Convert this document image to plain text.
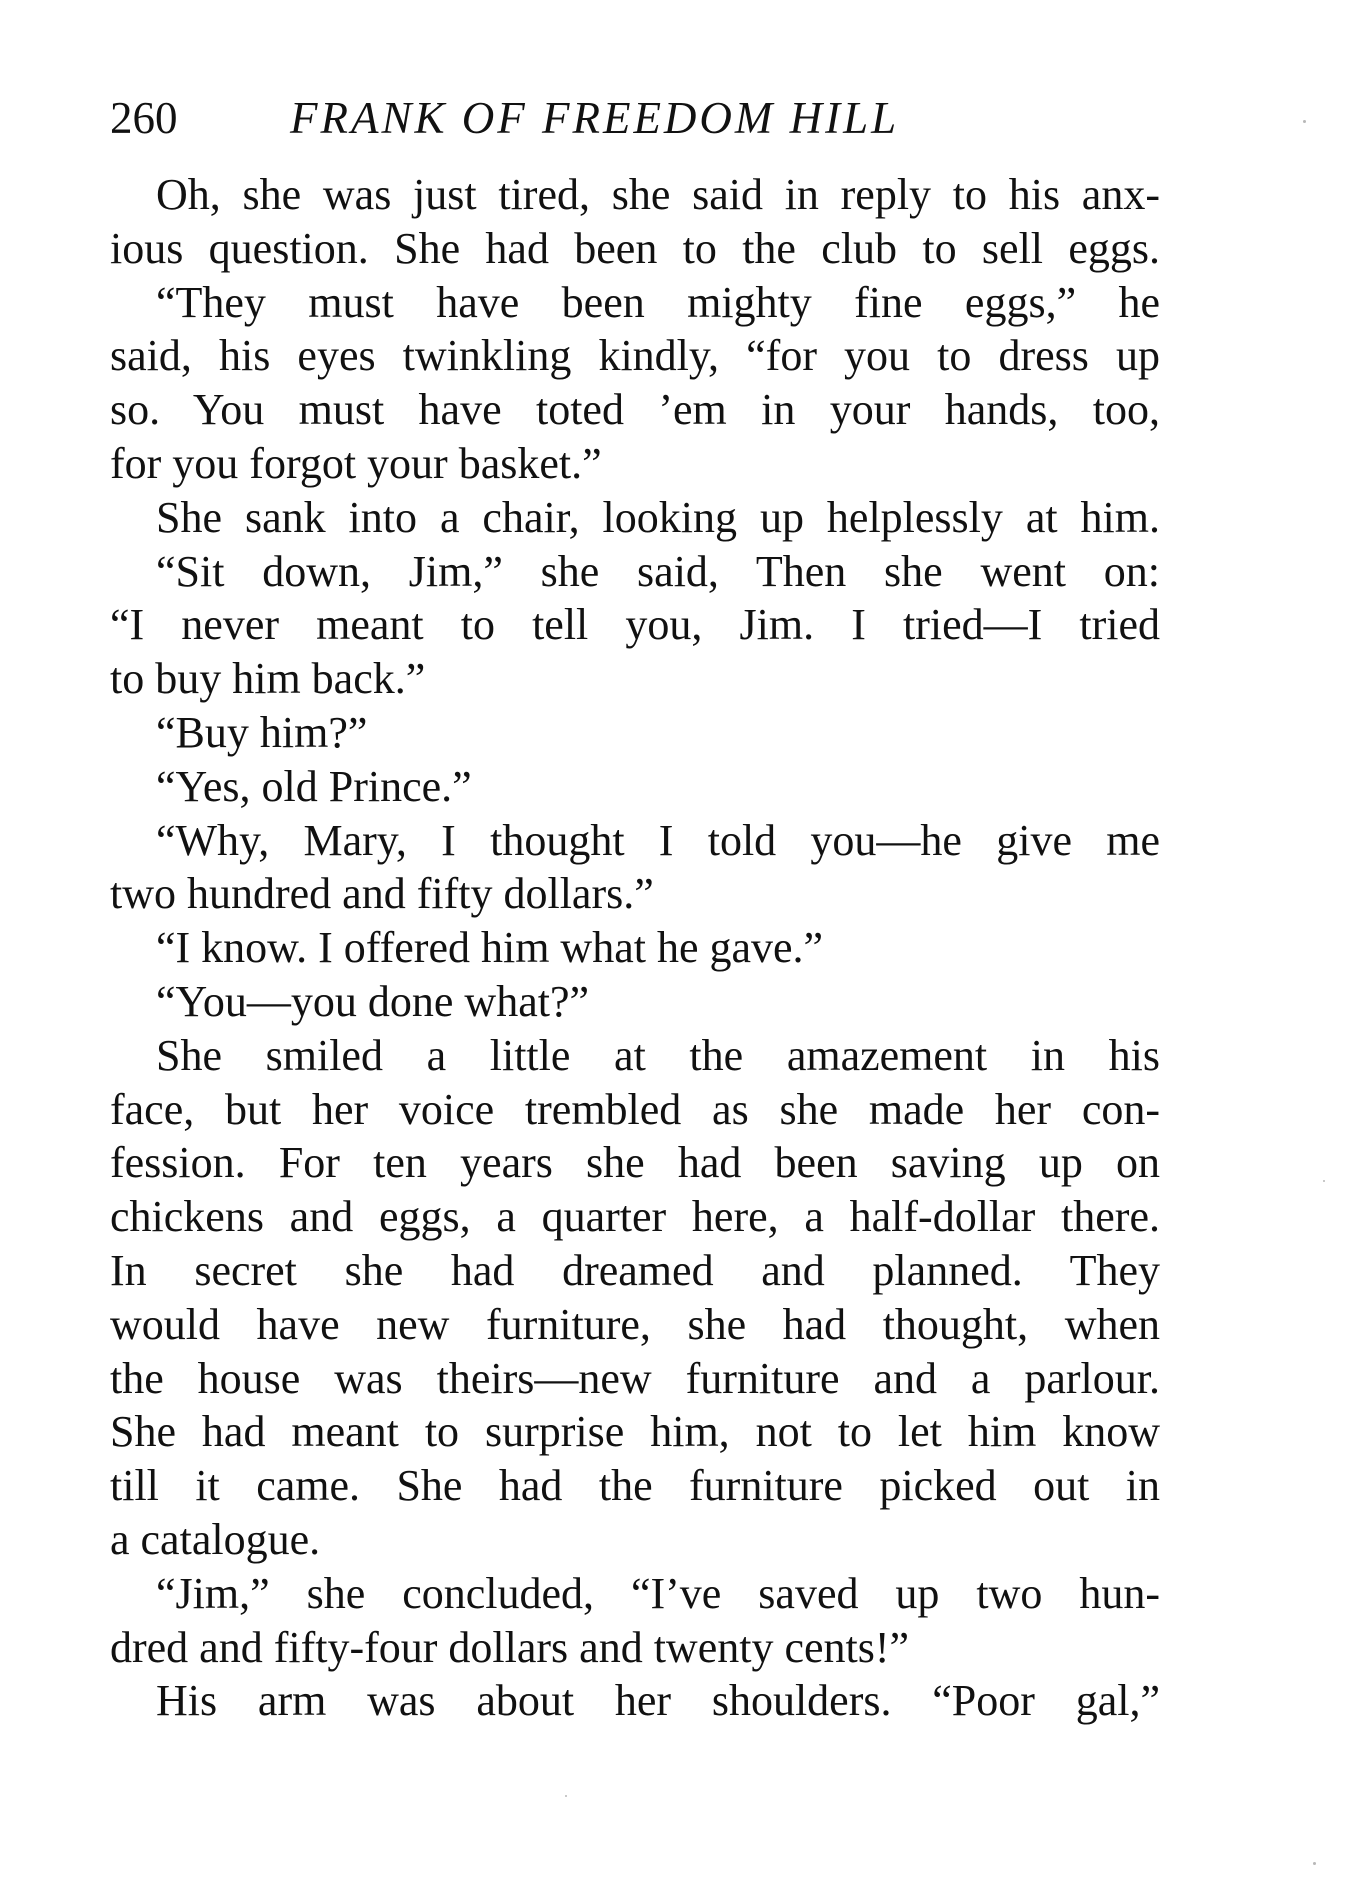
260	FRANK OF FREEDOM HILL
Oh, she was just tired, she said in reply to his anx-
ious question. She had been to the club to sell eggs.
“They must have been mighty fine eggs,” he
said, his eyes twinkling kindly, “for you to dress up
so. You must have toted ’em in your hands, too,
for you forgot your basket.”
She sank into a chair, looking up helplessly at him.
“Sit down, Jim,” she said, Then she went on:
“I never meant to tell you, Jim. I tried—I tried
to buy him back.”
“Buy him?”
“Yes, old Prince.”
“Why, Mary, I thought I told you—he give me
two hundred and fifty dollars.”
“I know. I offered him what he gave.”
“You—you done what?”
She smiled a little at the amazement in his
face, but her voice trembled as she made her con-
fession. For ten years she had been saving up on
chickens and eggs, a quarter here, a half-dollar there.
In secret she had dreamed and planned. They
would have new furniture, she had thought, when
the house was theirs—new furniture and a parlour.
She had meant to surprise him, not to let him know
till it came. She had the furniture picked out in
a catalogue.
“Jim,” she concluded, “I’ve saved up two hun-
dred and fifty-four dollars and twenty cents!”
His arm was about her shoulders. “Poor gal,”
